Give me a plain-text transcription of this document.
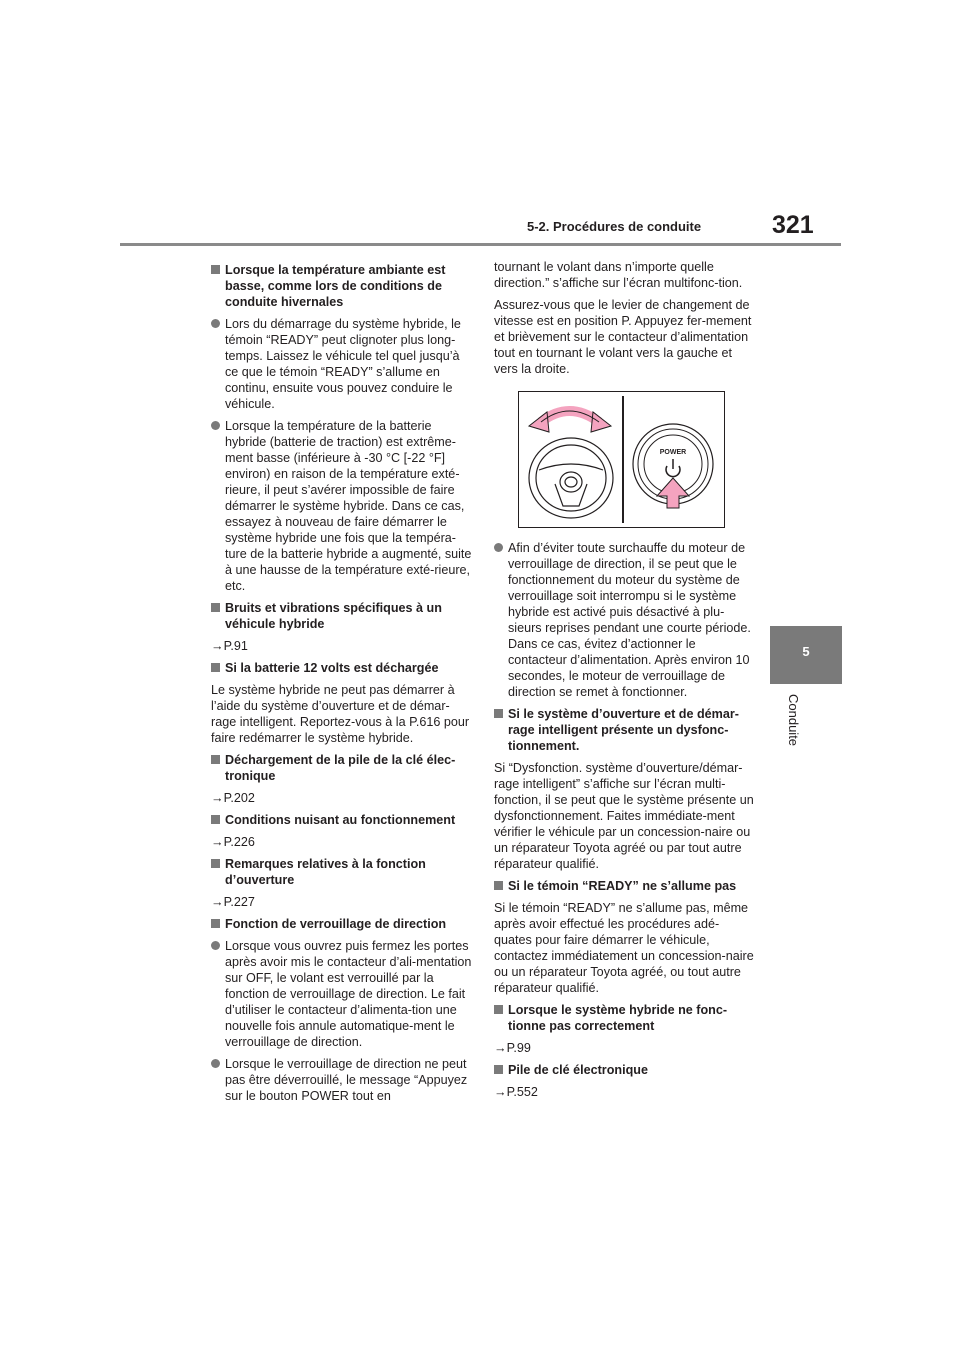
5-2. Procédures de conduite	321
5
Conduite
Lorsque la température ambiante est basse, comme lors de conditions de conduite hivernales
Lors du démarrage du système hybride, le témoin “READY” peut clignoter plus long-temps. Laissez le véhicule tel quel jusqu’à ce que le témoin “READY” s’allume en continu, ensuite vous pouvez conduire le véhicule.
Lorsque la température de la batterie hybride (batterie de traction) est extrême-ment basse (inférieure à -30 °C [-22 °F] environ) en raison de la température exté-rieure, il peut s’avérer impossible de faire démarrer le système hybride. Dans ce cas, essayez à nouveau de faire démarrer le système hybride une fois que la tempéra-ture de la batterie hybride a augmenté, suite à une hausse de la température exté-rieure, etc.
Bruits et vibrations spécifiques à un véhicule hybride
→P.91
Si la batterie 12 volts est déchargée
Le système hybride ne peut pas démarrer à l’aide du système d’ouverture et de démar-rage intelligent. Reportez-vous à la P.616 pour faire redémarrer le système hybride.
Déchargement de la pile de la clé élec-tronique
→P.202
Conditions nuisant au fonctionnement
→P.226
Remarques relatives à la fonction d’ouverture
→P.227
Fonction de verrouillage de direction
Lorsque vous ouvrez puis fermez les portes après avoir mis le contacteur d’ali-mentation sur OFF, le volant est verrouillé par la fonction de verrouillage de direction. Le fait d’utiliser le contacteur d’alimenta-tion une nouvelle fois annule automatique-ment le verrouillage de direction.
Lorsque le verrouillage de direction ne peut pas être déverrouillé, le message “Appuyez sur le bouton POWER tout en
tournant le volant dans n’importe quelle direction.” s’affiche sur l’écran multifonc-tion.
Assurez-vous que le levier de changement de vitesse est en position P. Appuyez fer-mement et brièvement sur le contacteur d’alimentation tout en tournant le volant vers la gauche et vers la droite.
POWER
Afin d’éviter toute surchauffe du moteur de verrouillage de direction, il se peut que le fonctionnement du moteur du système de verrouillage soit interrompu si le système hybride est activé puis désactivé à plu-sieurs reprises pendant une courte période. Dans ce cas, évitez d’actionner le contacteur d’alimentation. Après environ 10 secondes, le moteur de verrouillage de direction se remet à fonctionner.
Si le système d’ouverture et de démar-rage intelligent présente un dysfonc-tionnement.
Si “Dysfonction. système d’ouverture/démar-rage intelligent” s’affiche sur l’écran multi-fonction, il se peut que le système présente un dysfonctionnement. Faites immédiate-ment vérifier le véhicule par un concession-naire ou un réparateur Toyota agréé ou par tout autre réparateur qualifié.
Si le témoin “READY” ne s’allume pas
Si le témoin “READY” ne s’allume pas, même après avoir effectué les procédures adé-quates pour faire démarrer le véhicule, contactez immédiatement un concession-naire ou un réparateur Toyota agréé, ou tout autre réparateur qualifié.
Lorsque le système hybride ne fonc-tionne pas correctement
→P.99
Pile de clé électronique
→P.552
